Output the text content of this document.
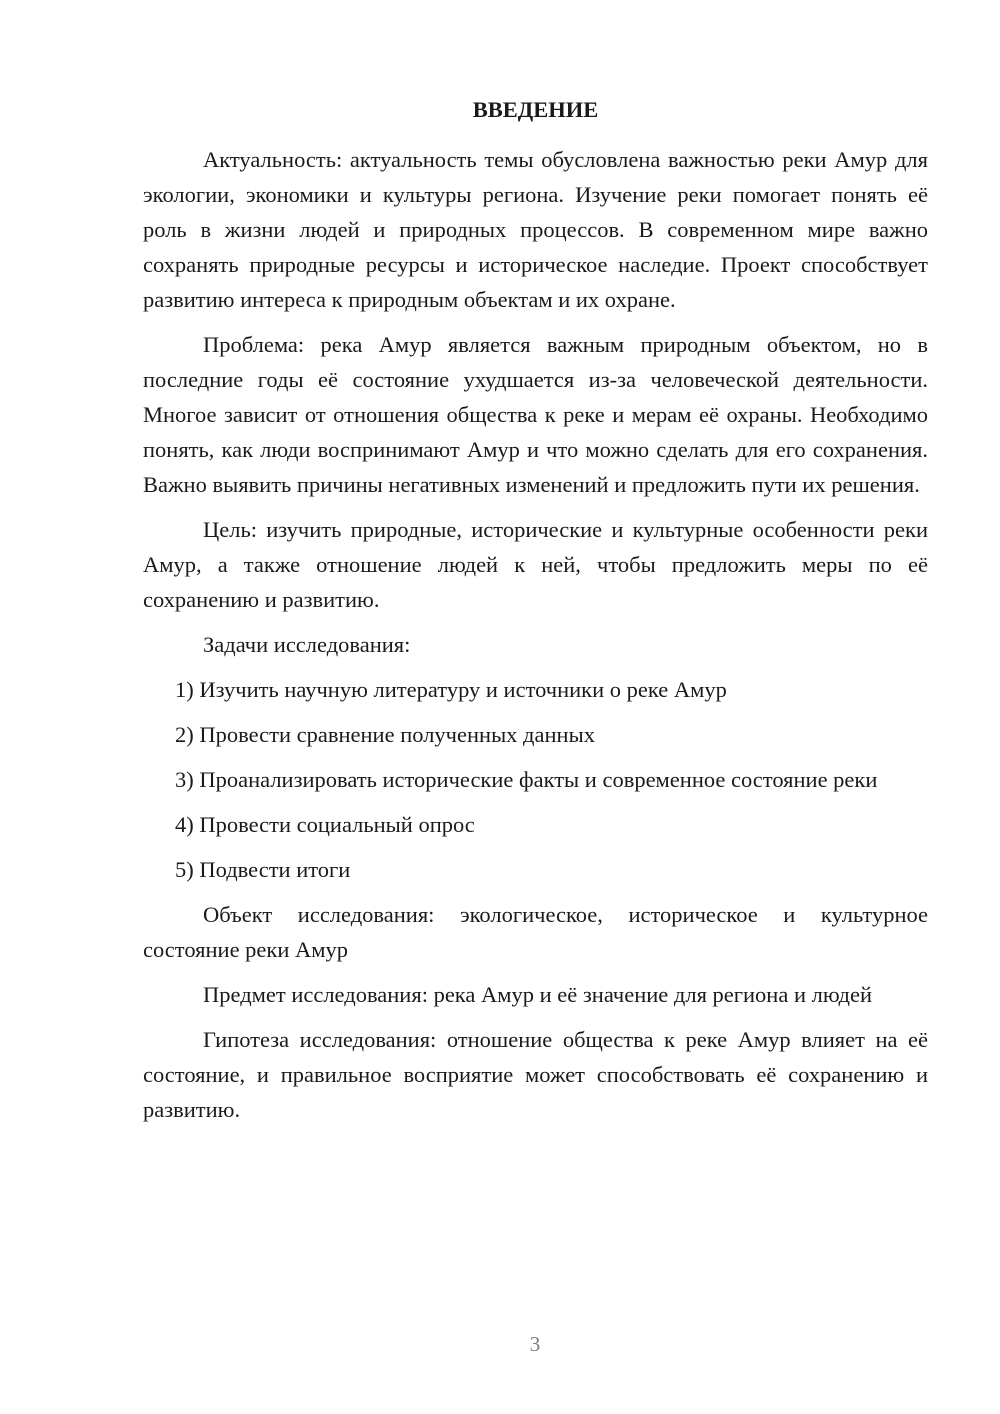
ВВЕДЕНИЕ

Актуальность: актуальность темы обусловлена важностью реки Амур для экологии, экономики и культуры региона. Изучение реки помогает понять её роль в жизни людей и природных процессов. В современном мире важно сохранять природные ресурсы и историческое наследие. Проект способствует развитию интереса к природным объектам и их охране.

Проблема: река Амур является важным природным объектом, но в последние годы её состояние ухудшается из-за человеческой деятельности. Многое зависит от отношения общества к реке и мерам её охраны. Необходимо понять, как люди воспринимают Амур и что можно сделать для его сохранения. Важно выявить причины негативных изменений и предложить пути их решения.

Цель: изучить природные, исторические и культурные особенности реки Амур, а также отношение людей к ней, чтобы предложить меры по её сохранению и развитию.

Задачи исследования:

1) Изучить научную литературу и источники о реке Амур

2) Провести сравнение полученных данных

3) Проанализировать исторические факты и современное состояние реки

4) Провести социальный опрос

5) Подвести итоги

Объект исследования: экологическое, историческое и культурное состояние реки Амур

Предмет исследования: река Амур и её значение для региона и людей

Гипотеза исследования: отношение общества к реке Амур влияет на её состояние, и правильное восприятие может способствовать её сохранению и развитию.

3
